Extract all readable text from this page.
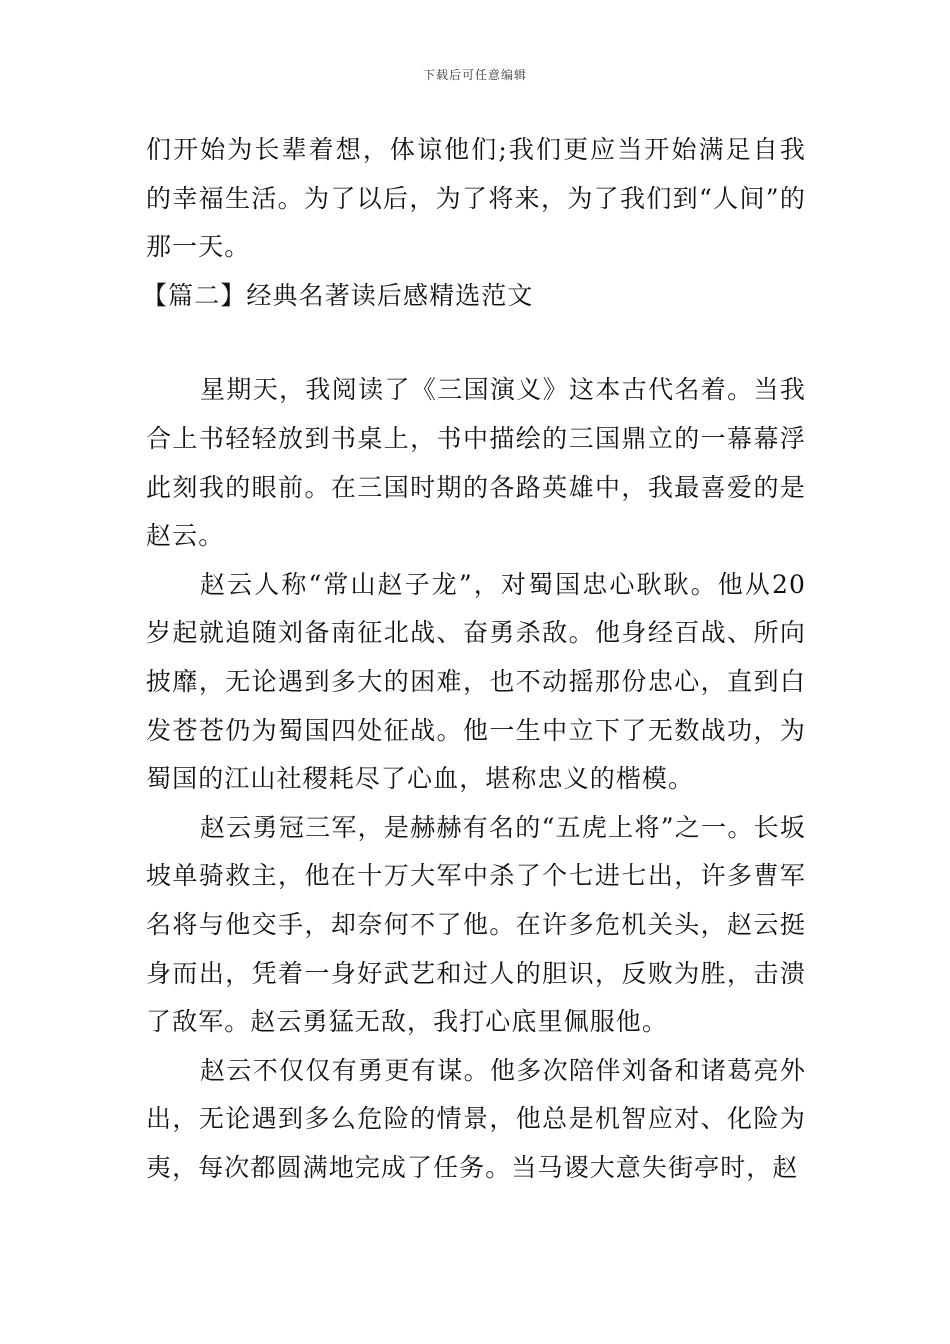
下载后可任意编辑

们开始为长辈着想，体谅他们;我们更应当开始满足自我的幸福生活。为了以后，为了将来，为了我们到“人间”的那一天。

【篇二】经典名著读后感精选范文

星期天，我阅读了《三国演义》这本古代名着。当我合上书轻轻放到书桌上，书中描绘的三国鼎立的一幕幕浮此刻我的眼前。在三国时期的各路英雄中，我最喜爱的是赵云。

赵云人称“常山赵子龙”，对蜀国忠心耿耿。他从20岁起就追随刘备南征北战、奋勇杀敌。他身经百战、所向披靡，无论遇到多大的困难，也不动摇那份忠心，直到白发苍苍仍为蜀国四处征战。他一生中立下了无数战功，为蜀国的江山社稷耗尽了心血，堪称忠义的楷模。

赵云勇冠三军，是赫赫有名的“五虎上将”之一。长坂坡单骑救主，他在十万大军中杀了个七进七出，许多曹军名将与他交手，却奈何不了他。在许多危机关头，赵云挺身而出，凭着一身好武艺和过人的胆识，反败为胜，击溃了敌军。赵云勇猛无敌，我打心底里佩服他。

赵云不仅仅有勇更有谋。他多次陪伴刘备和诸葛亮外出，无论遇到多么危险的情景，他总是机智应对、化险为夷，每次都圆满地完成了任务。当马谡大意失街亭时，赵
